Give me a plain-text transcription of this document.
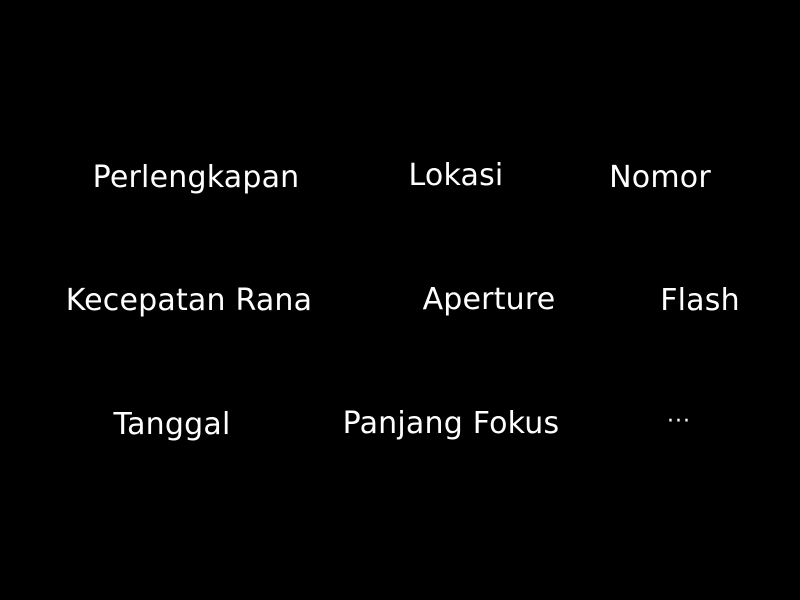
Perlengkapan	Lokasi	Nomor
Kecepatan Rana	Aperture	Flash
Tanggal	Panjang Fokus	···
